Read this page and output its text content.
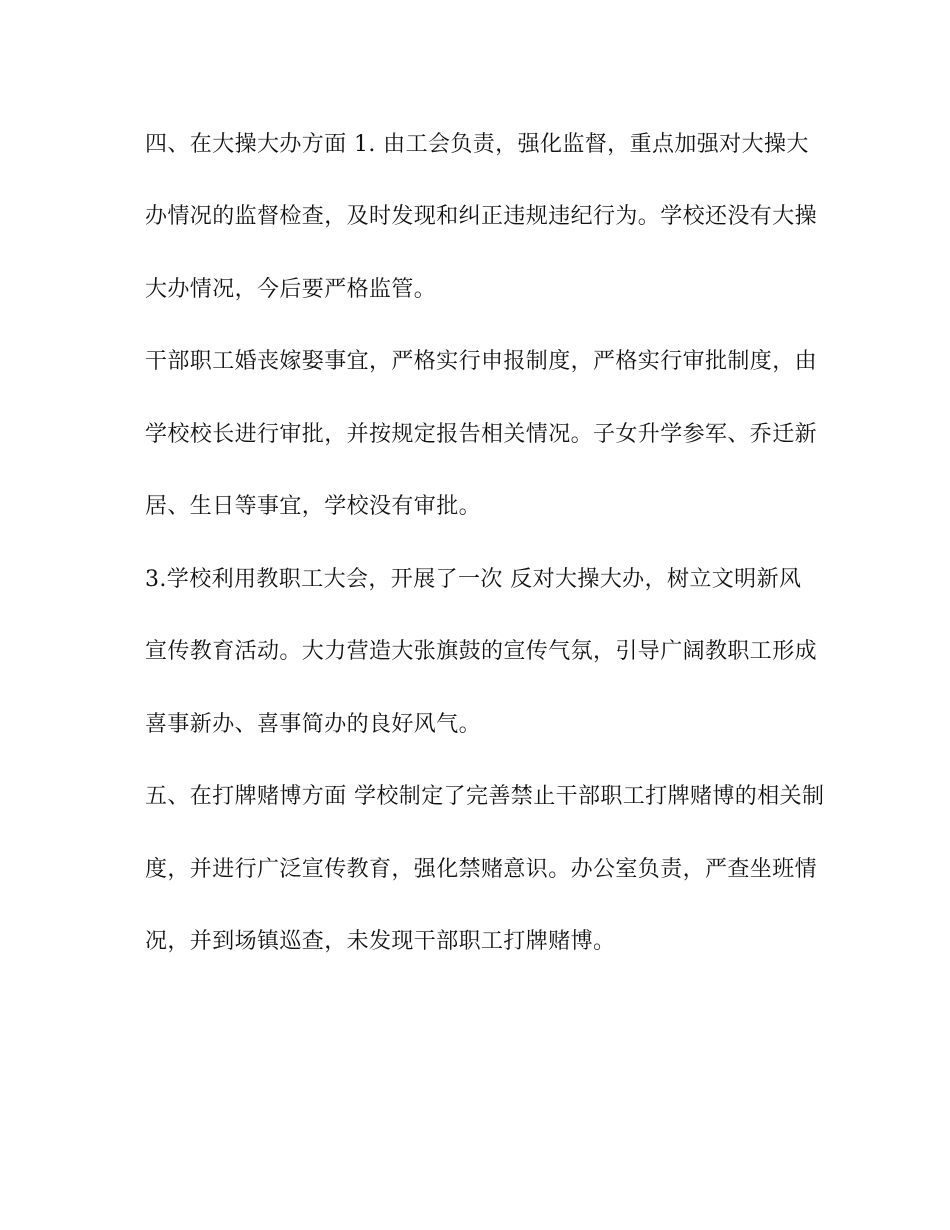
四、在大操大办方面 1. 由工会负责，强化监督，重点加强对大操大
办情况的监督检查，及时发现和纠正违规违纪行为。学校还没有大操
大办情况，今后要严格监管。
干部职工婚丧嫁娶事宜，严格实行申报制度，严格实行审批制度，由
学校校长进行审批，并按规定报告相关情况。子女升学参军、乔迁新
居、生日等事宜，学校没有审批。
3.学校利用教职工大会，开展了一次 反对大操大办，树立文明新风
宣传教育活动。大力营造大张旗鼓的宣传气氛，引导广阔教职工形成
喜事新办、喜事简办的良好风气。
五、在打牌赌博方面 学校制定了完善禁止干部职工打牌赌博的相关制
度，并进行广泛宣传教育，强化禁赌意识。办公室负责，严查坐班情
况，并到场镇巡查，未发现干部职工打牌赌博。
